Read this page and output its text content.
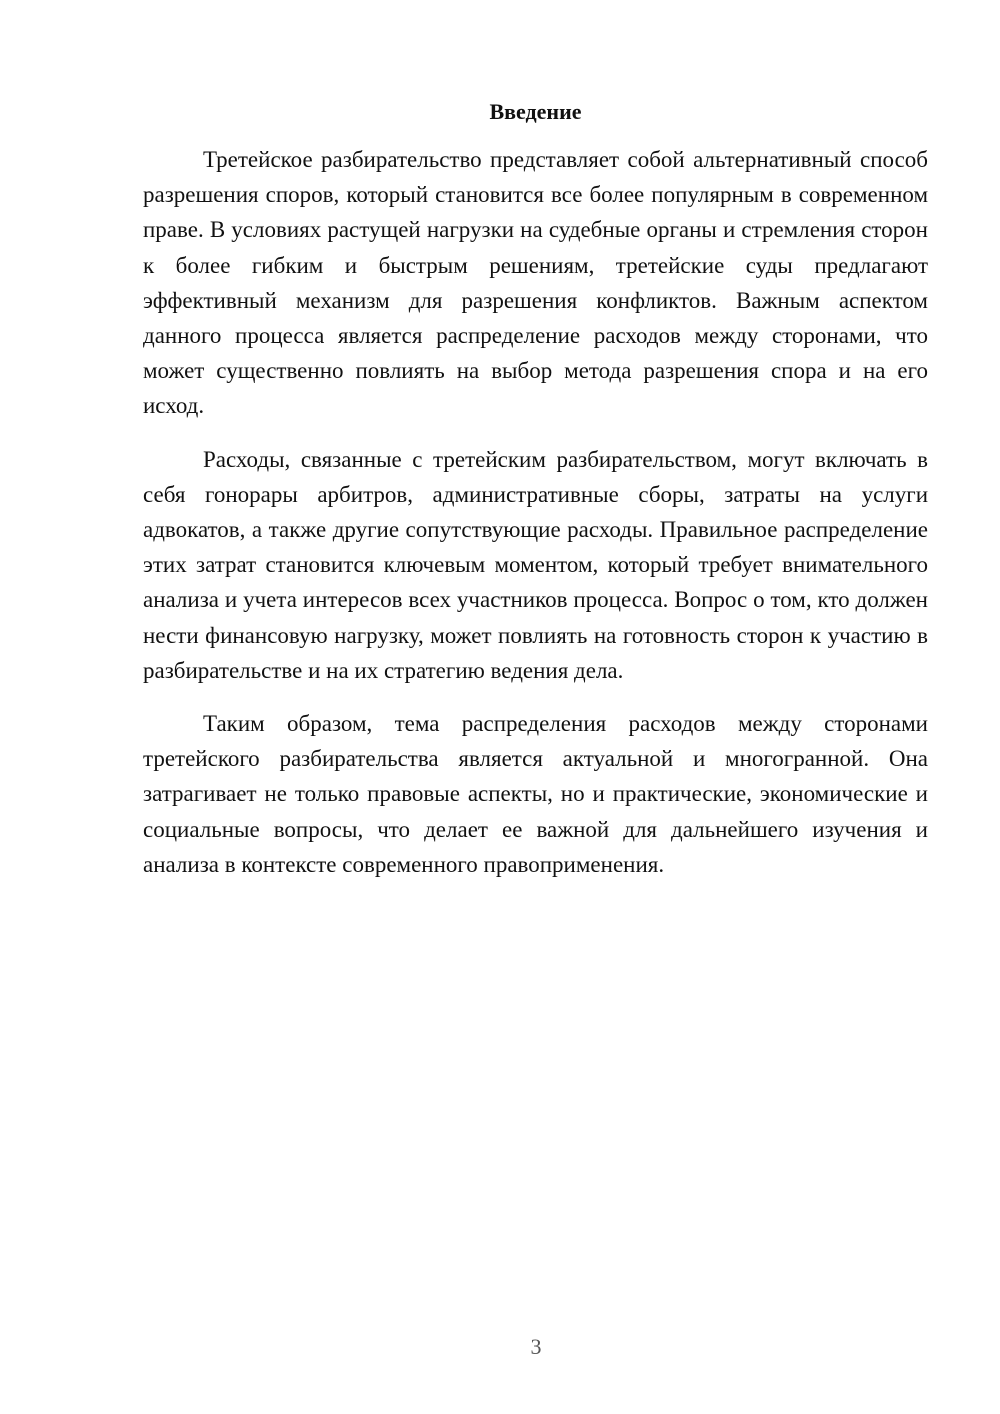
Введение

Третейское разбирательство представляет собой альтернативный способ разрешения споров, который становится все более популярным в современном праве. В условиях растущей нагрузки на судебные органы и стремления сторон к более гибким и быстрым решениям, третейские суды предлагают эффективный механизм для разрешения конфликтов. Важным аспектом данного процесса является распределение расходов между сторонами, что может существенно повлиять на выбор метода разрешения спора и на его исход.

Расходы, связанные с третейским разбирательством, могут включать в себя гонорары арбитров, административные сборы, затраты на услуги адвокатов, а также другие сопутствующие расходы. Правильное распределение этих затрат становится ключевым моментом, который требует внимательного анализа и учета интересов всех участников процесса. Вопрос о том, кто должен нести финансовую нагрузку, может повлиять на готовность сторон к участию в разбирательстве и на их стратегию ведения дела.

Таким образом, тема распределения расходов между сторонами третейского разбирательства является актуальной и многогранной. Она затрагивает не только правовые аспекты, но и практические, экономические и социальные вопросы, что делает ее важной для дальнейшего изучения и анализа в контексте современного правоприменения.

3
